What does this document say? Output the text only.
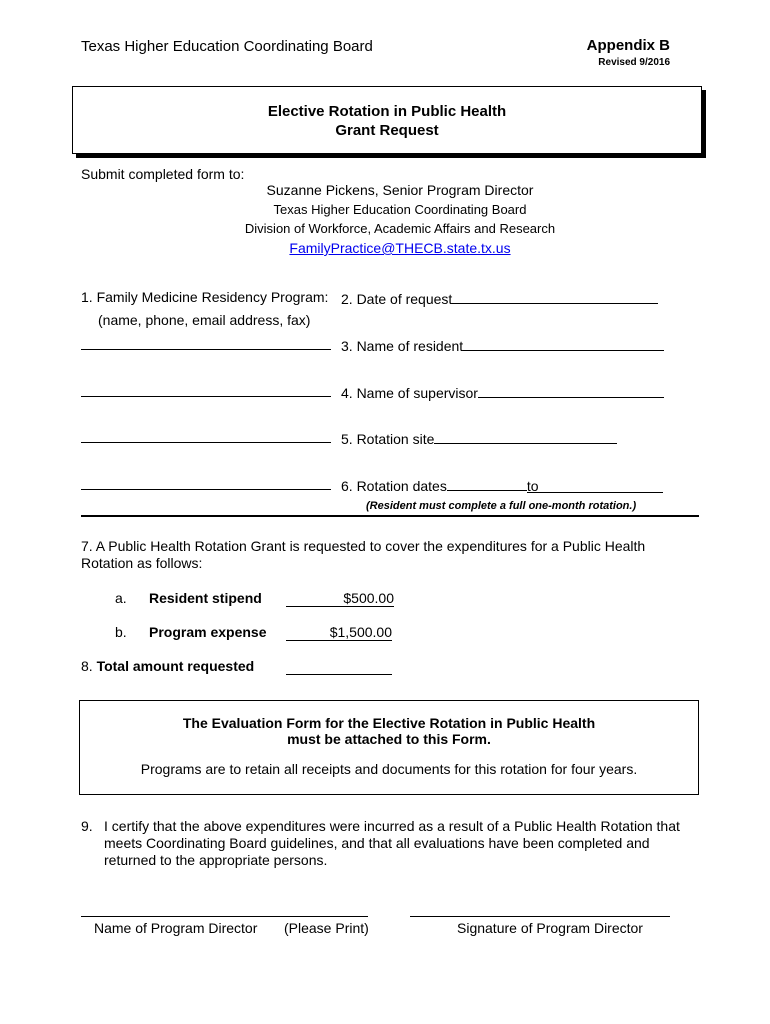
Texas Higher Education Coordinating Board	Appendix B
Revised 9/2016
Elective Rotation in Public Health
Grant Request
Submit completed form to:
Suzanne Pickens, Senior Program Director
Texas Higher Education Coordinating Board
Division of Workforce, Academic Affairs and Research
FamilyPractice@THECB.state.tx.us
1. Family Medicine Residency Program:
(name, phone, email address, fax)
2. Date of request
3. Name of resident
4. Name of supervisor
5. Rotation site
6. Rotation dates	to
(Resident must complete a full one-month rotation.)
7. A Public Health Rotation Grant is requested to cover the expenditures for a Public Health Rotation as follows:
a. Resident stipend	$500.00
b. Program expense	$1,500.00
8. Total amount requested
The Evaluation Form for the Elective Rotation in Public Health
must be attached to this Form.
Programs are to retain all receipts and documents for this rotation for four years.
9. I certify that the above expenditures were incurred as a result of a Public Health Rotation that meets Coordinating Board guidelines, and that all evaluations have been completed and returned to the appropriate persons.
Name of Program Director (Please Print)	Signature of Program Director
